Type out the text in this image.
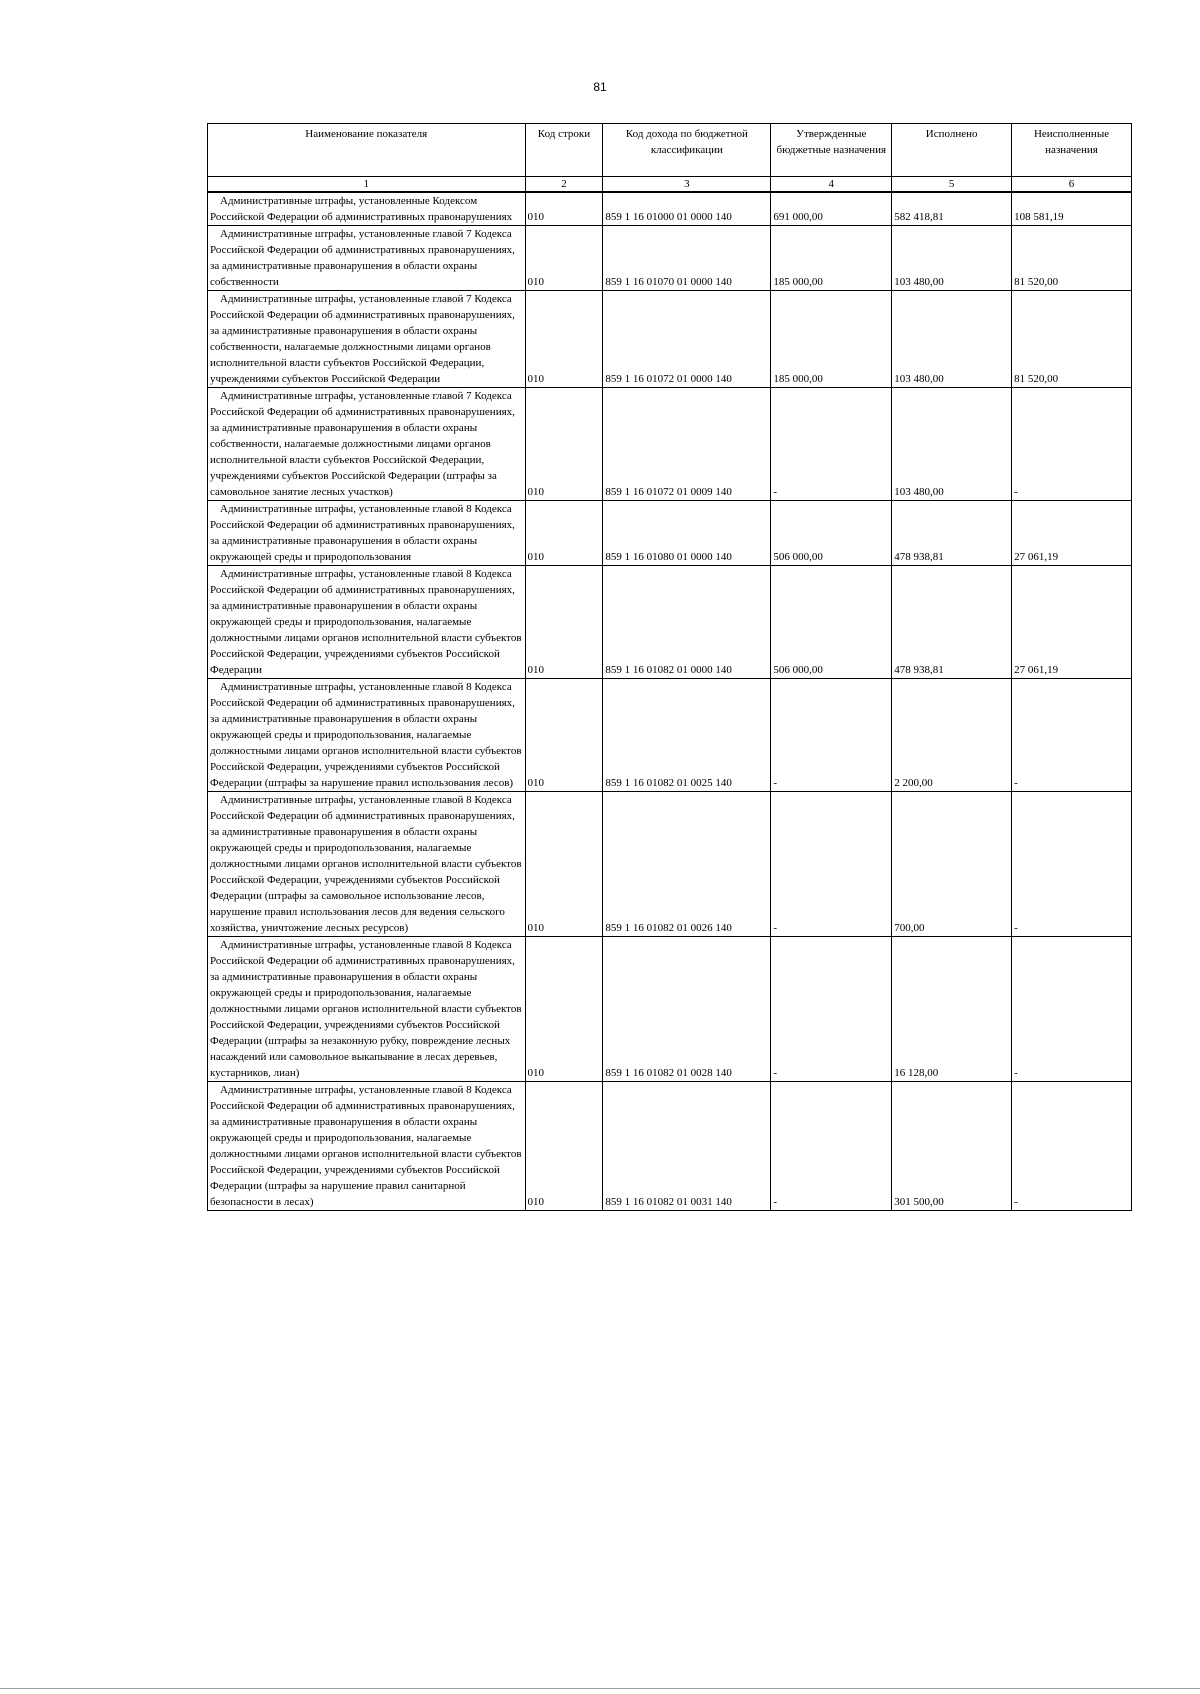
81
Наименование показателя	Код строки	Код дохода по бюджетной классификации	Утвержденные бюджетные назначения	Исполнено	Неисполненные назначения
1	2	3	4	5	6
Административные штрафы, установленные Кодексом Российской Федерации об административных правонарушениях	010	859 1 16 01000 01 0000 140	691 000,00	582 418,81	108 581,19
Административные штрафы, установленные главой 7 Кодекса Российской Федерации об административных правонарушениях, за административные правонарушения в области охраны собственности	010	859 1 16 01070 01 0000 140	185 000,00	103 480,00	81 520,00
Административные штрафы, установленные главой 7 Кодекса Российской Федерации об административных правонарушениях, за административные правонарушения в области охраны собственности, налагаемые должностными лицами органов исполнительной власти субъектов Российской Федерации, учреждениями субъектов Российской Федерации	010	859 1 16 01072 01 0000 140	185 000,00	103 480,00	81 520,00
Административные штрафы, установленные главой 7 Кодекса Российской Федерации об административных правонарушениях, за административные правонарушения в области охраны собственности, налагаемые должностными лицами органов исполнительной власти субъектов Российской Федерации, учреждениями субъектов Российской Федерации (штрафы за самовольное занятие лесных участков)	010	859 1 16 01072 01 0009 140	-	103 480,00	-
Административные штрафы, установленные главой 8 Кодекса Российской Федерации об административных правонарушениях, за административные правонарушения в области охраны окружающей среды и природопользования	010	859 1 16 01080 01 0000 140	506 000,00	478 938,81	27 061,19
Административные штрафы, установленные главой 8 Кодекса Российской Федерации об административных правонарушениях, за административные правонарушения в области охраны окружающей среды и природопользования, налагаемые должностными лицами органов исполнительной власти субъектов Российской Федерации, учреждениями субъектов Российской Федерации	010	859 1 16 01082 01 0000 140	506 000,00	478 938,81	27 061,19
Административные штрафы, установленные главой 8 Кодекса Российской Федерации об административных правонарушениях, за административные правонарушения в области охраны окружающей среды и природопользования, налагаемые должностными лицами органов исполнительной власти субъектов Российской Федерации, учреждениями субъектов Российской Федерации (штрафы за нарушение правил использования лесов)	010	859 1 16 01082 01 0025 140	-	2 200,00	-
Административные штрафы, установленные главой 8 Кодекса Российской Федерации об административных правонарушениях, за административные правонарушения в области охраны окружающей среды и природопользования, налагаемые должностными лицами органов исполнительной власти субъектов Российской Федерации, учреждениями субъектов Российской Федерации (штрафы за самовольное использование лесов, нарушение правил использования лесов для ведения сельского хозяйства, уничтожение лесных ресурсов)	010	859 1 16 01082 01 0026 140	-	700,00	-
Административные штрафы, установленные главой 8 Кодекса Российской Федерации об административных правонарушениях, за административные правонарушения в области охраны окружающей среды и природопользования, налагаемые должностными лицами органов исполнительной власти субъектов Российской Федерации, учреждениями субъектов Российской Федерации (штрафы за незаконную рубку, повреждение лесных насаждений или самовольное выкапывание в лесах деревьев, кустарников, лиан)	010	859 1 16 01082 01 0028 140	-	16 128,00	-
Административные штрафы, установленные главой 8 Кодекса Российской Федерации об административных правонарушениях, за административные правонарушения в области охраны окружающей среды и природопользования, налагаемые должностными лицами органов исполнительной власти субъектов Российской Федерации, учреждениями субъектов Российской Федерации (штрафы за нарушение правил санитарной безопасности в лесах)	010	859 1 16 01082 01 0031 140	-	301 500,00	-
